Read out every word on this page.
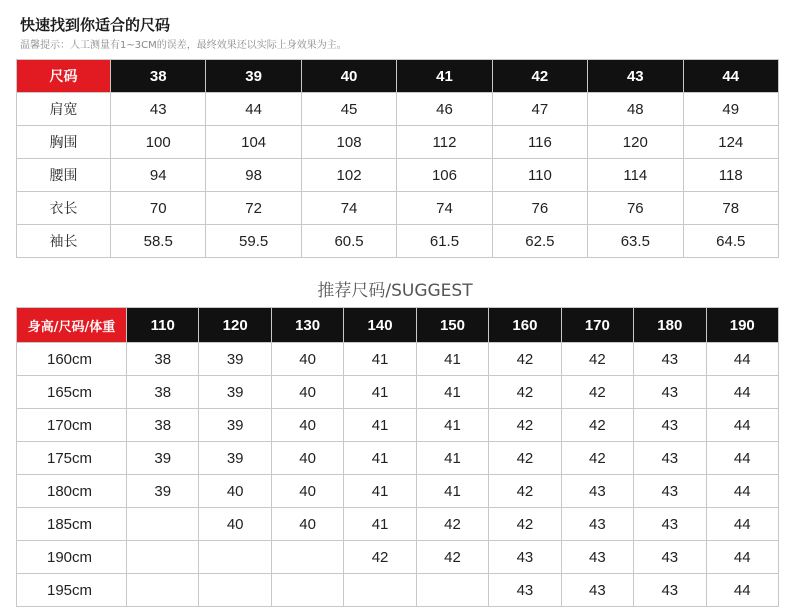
快速找到你适合的尺码
温馨提示：人工测量有1~3CM的误差，最终效果还以实际上身效果为主。
尺码	38	39	40	41	42	43	44
肩宽	43	44	45	46	47	48	49
胸围	100	104	108	112	116	120	124
腰围	94	98	102	106	110	114	118
衣长	70	72	74	74	76	76	78
袖长	58.5	59.5	60.5	61.5	62.5	63.5	64.5
推荐尺码/SUGGEST
身高/尺码/体重	110	120	130	140	150	160	170	180	190
160cm	38	39	40	41	41	42	42	43	44
165cm	38	39	40	41	41	42	42	43	44
170cm	38	39	40	41	41	42	42	43	44
175cm	39	39	40	41	41	42	42	43	44
180cm	39	40	40	41	41	42	43	43	44
185cm		40	40	41	42	42	43	43	44
190cm				42	42	43	43	43	44
195cm						43	43	43	44
